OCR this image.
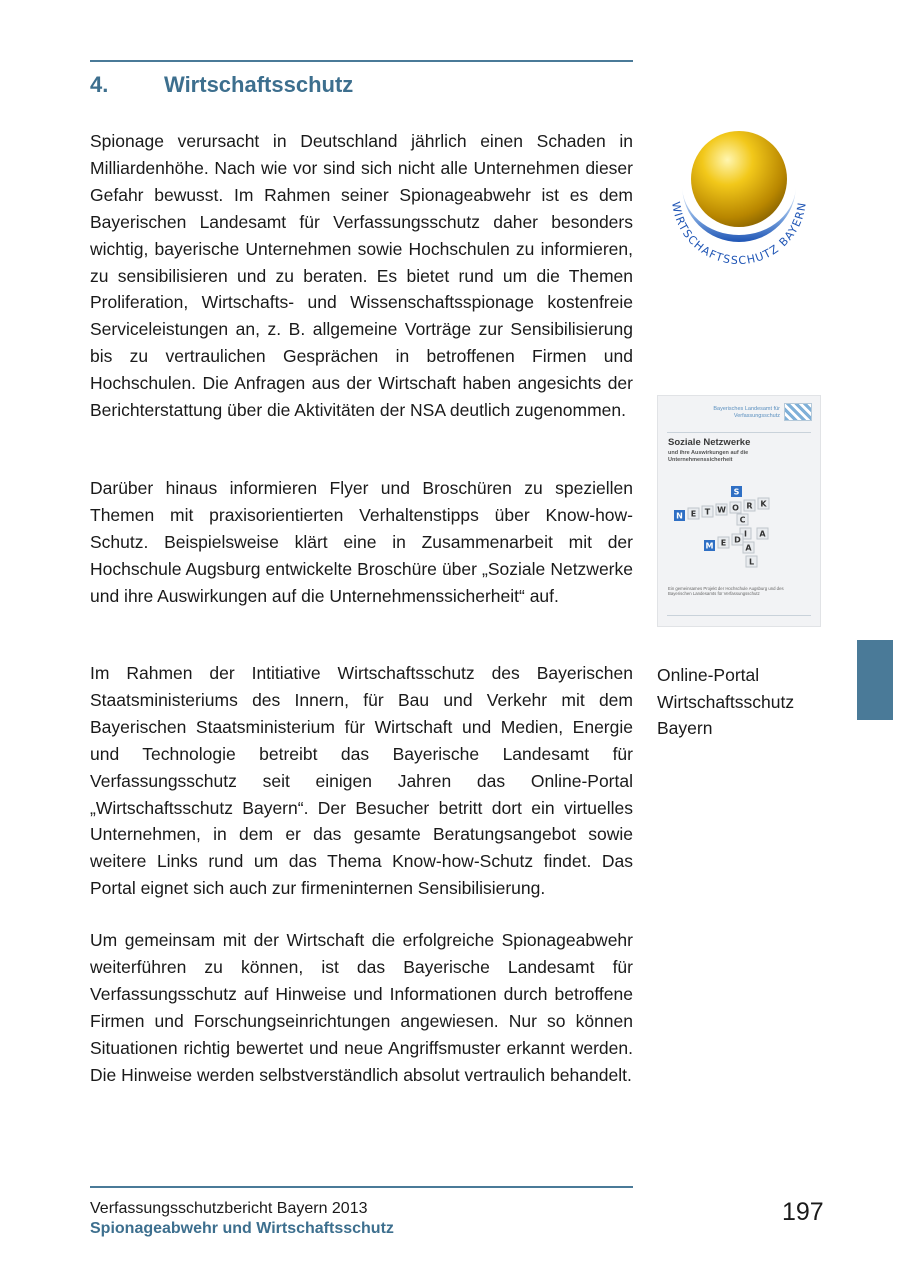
4.	Wirtschaftsschutz
Spionage verursacht in Deutschland jährlich einen Schaden in Milliardenhöhe. Nach wie vor sind sich nicht alle Unternehmen dieser Gefahr bewusst. Im Rahmen seiner Spionageabwehr ist es dem Bayerischen Landesamt für Verfassungsschutz daher besonders wichtig, bayerische Unternehmen sowie Hochschulen zu informieren, zu sensibilisieren und zu beraten. Es bietet rund um die Themen Proliferation, Wirtschafts- und Wissenschaftsspionage kostenfreie Serviceleistungen an, z. B. allgemeine Vorträge zur Sensibilisierung bis zu vertraulichen Gesprächen in betroffenen Firmen und Hochschulen. Die Anfragen aus der Wirtschaft haben angesichts der Berichterstattung über die Aktivitäten der NSA deutlich zugenommen.
Darüber hinaus informieren Flyer und Broschüren zu speziellen Themen mit praxisorientierten Verhaltenstipps über Know-how-Schutz. Beispielsweise klärt eine in Zusammenarbeit mit der Hochschule Augsburg entwickelte Broschüre über „Soziale Netzwerke und ihre Auswirkungen auf die Unternehmenssicherheit“ auf.
Im Rahmen der Intitiative Wirtschaftsschutz des Bayerischen Staatsministeriums des Innern, für Bau und Verkehr mit dem Bayerischen Staatsministerium für Wirtschaft und Medien, Energie und Technologie betreibt das Bayerische Landesamt für Verfassungsschutz seit einigen Jahren das Online-Portal „Wirtschaftsschutz Bayern“. Der Besucher betritt dort ein virtuelles Unternehmen, in dem er das gesamte Beratungsangebot sowie weitere Links rund um das Thema Know-how-Schutz findet. Das Portal eignet sich auch zur firmeninternen Sensibilisierung.
Um gemeinsam mit der Wirtschaft die erfolgreiche Spionageabwehr weiterführen zu können, ist das Bayerische Landesamt für Verfassungsschutz auf Hinweise und Informationen durch betroffene Firmen und Forschungseinrichtungen angewiesen. Nur so können Situationen richtig bewertet und neue Angriffsmuster erkannt werden. Die Hinweise werden selbstverständlich absolut vertraulich behandelt.
WIRTSCHAFTSSCHUTZ BAYERN
Bayerisches Landesamt für Verfassungsschutz
Soziale Netzwerke
und ihre Auswirkungen auf die Unternehmenssicherheit
N E T W O R K
S
C
I
A
L
M E D
A
Ein gemeinsames Projekt der Hochschule Augsburg und des Bayerischen Landesamts für Verfassungsschutz
Online-Portal
Wirtschaftsschutz
Bayern
Verfassungsschutzbericht Bayern 2013
Spionageabwehr und Wirtschaftsschutz
197
